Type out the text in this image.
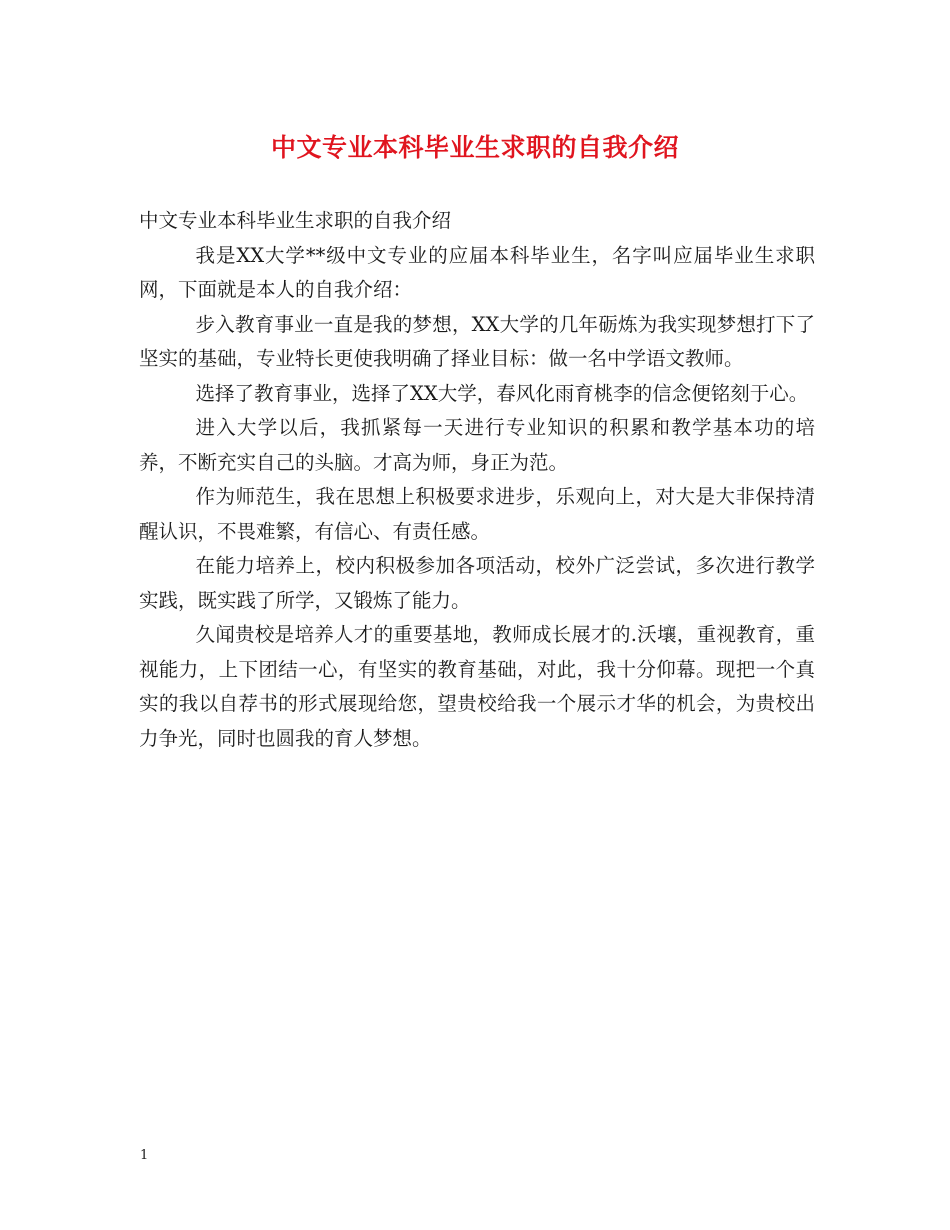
中文专业本科毕业生求职的自我介绍

中文专业本科毕业生求职的自我介绍

我是XX大学**级中文专业的应届本科毕业生，名字叫应届毕业生求职网，下面就是本人的自我介绍：

步入教育事业一直是我的梦想，XX大学的几年砺炼为我实现梦想打下了坚实的基础，专业特长更使我明确了择业目标：做一名中学语文教师。

选择了教育事业，选择了XX大学，春风化雨育桃李的信念便铭刻于心。

进入大学以后，我抓紧每一天进行专业知识的积累和教学基本功的培养，不断充实自己的头脑。才高为师，身正为范。

作为师范生，我在思想上积极要求进步，乐观向上，对大是大非保持清醒认识，不畏难繁，有信心、有责任感。

在能力培养上，校内积极参加各项活动，校外广泛尝试，多次进行教学实践，既实践了所学，又锻炼了能力。

久闻贵校是培养人才的重要基地，教师成长展才的.沃壤，重视教育，重视能力，上下团结一心，有坚实的教育基础，对此，我十分仰幕。现把一个真实的我以自荐书的形式展现给您，望贵校给我一个展示才华的机会，为贵校出力争光，同时也圆我的育人梦想。

1
